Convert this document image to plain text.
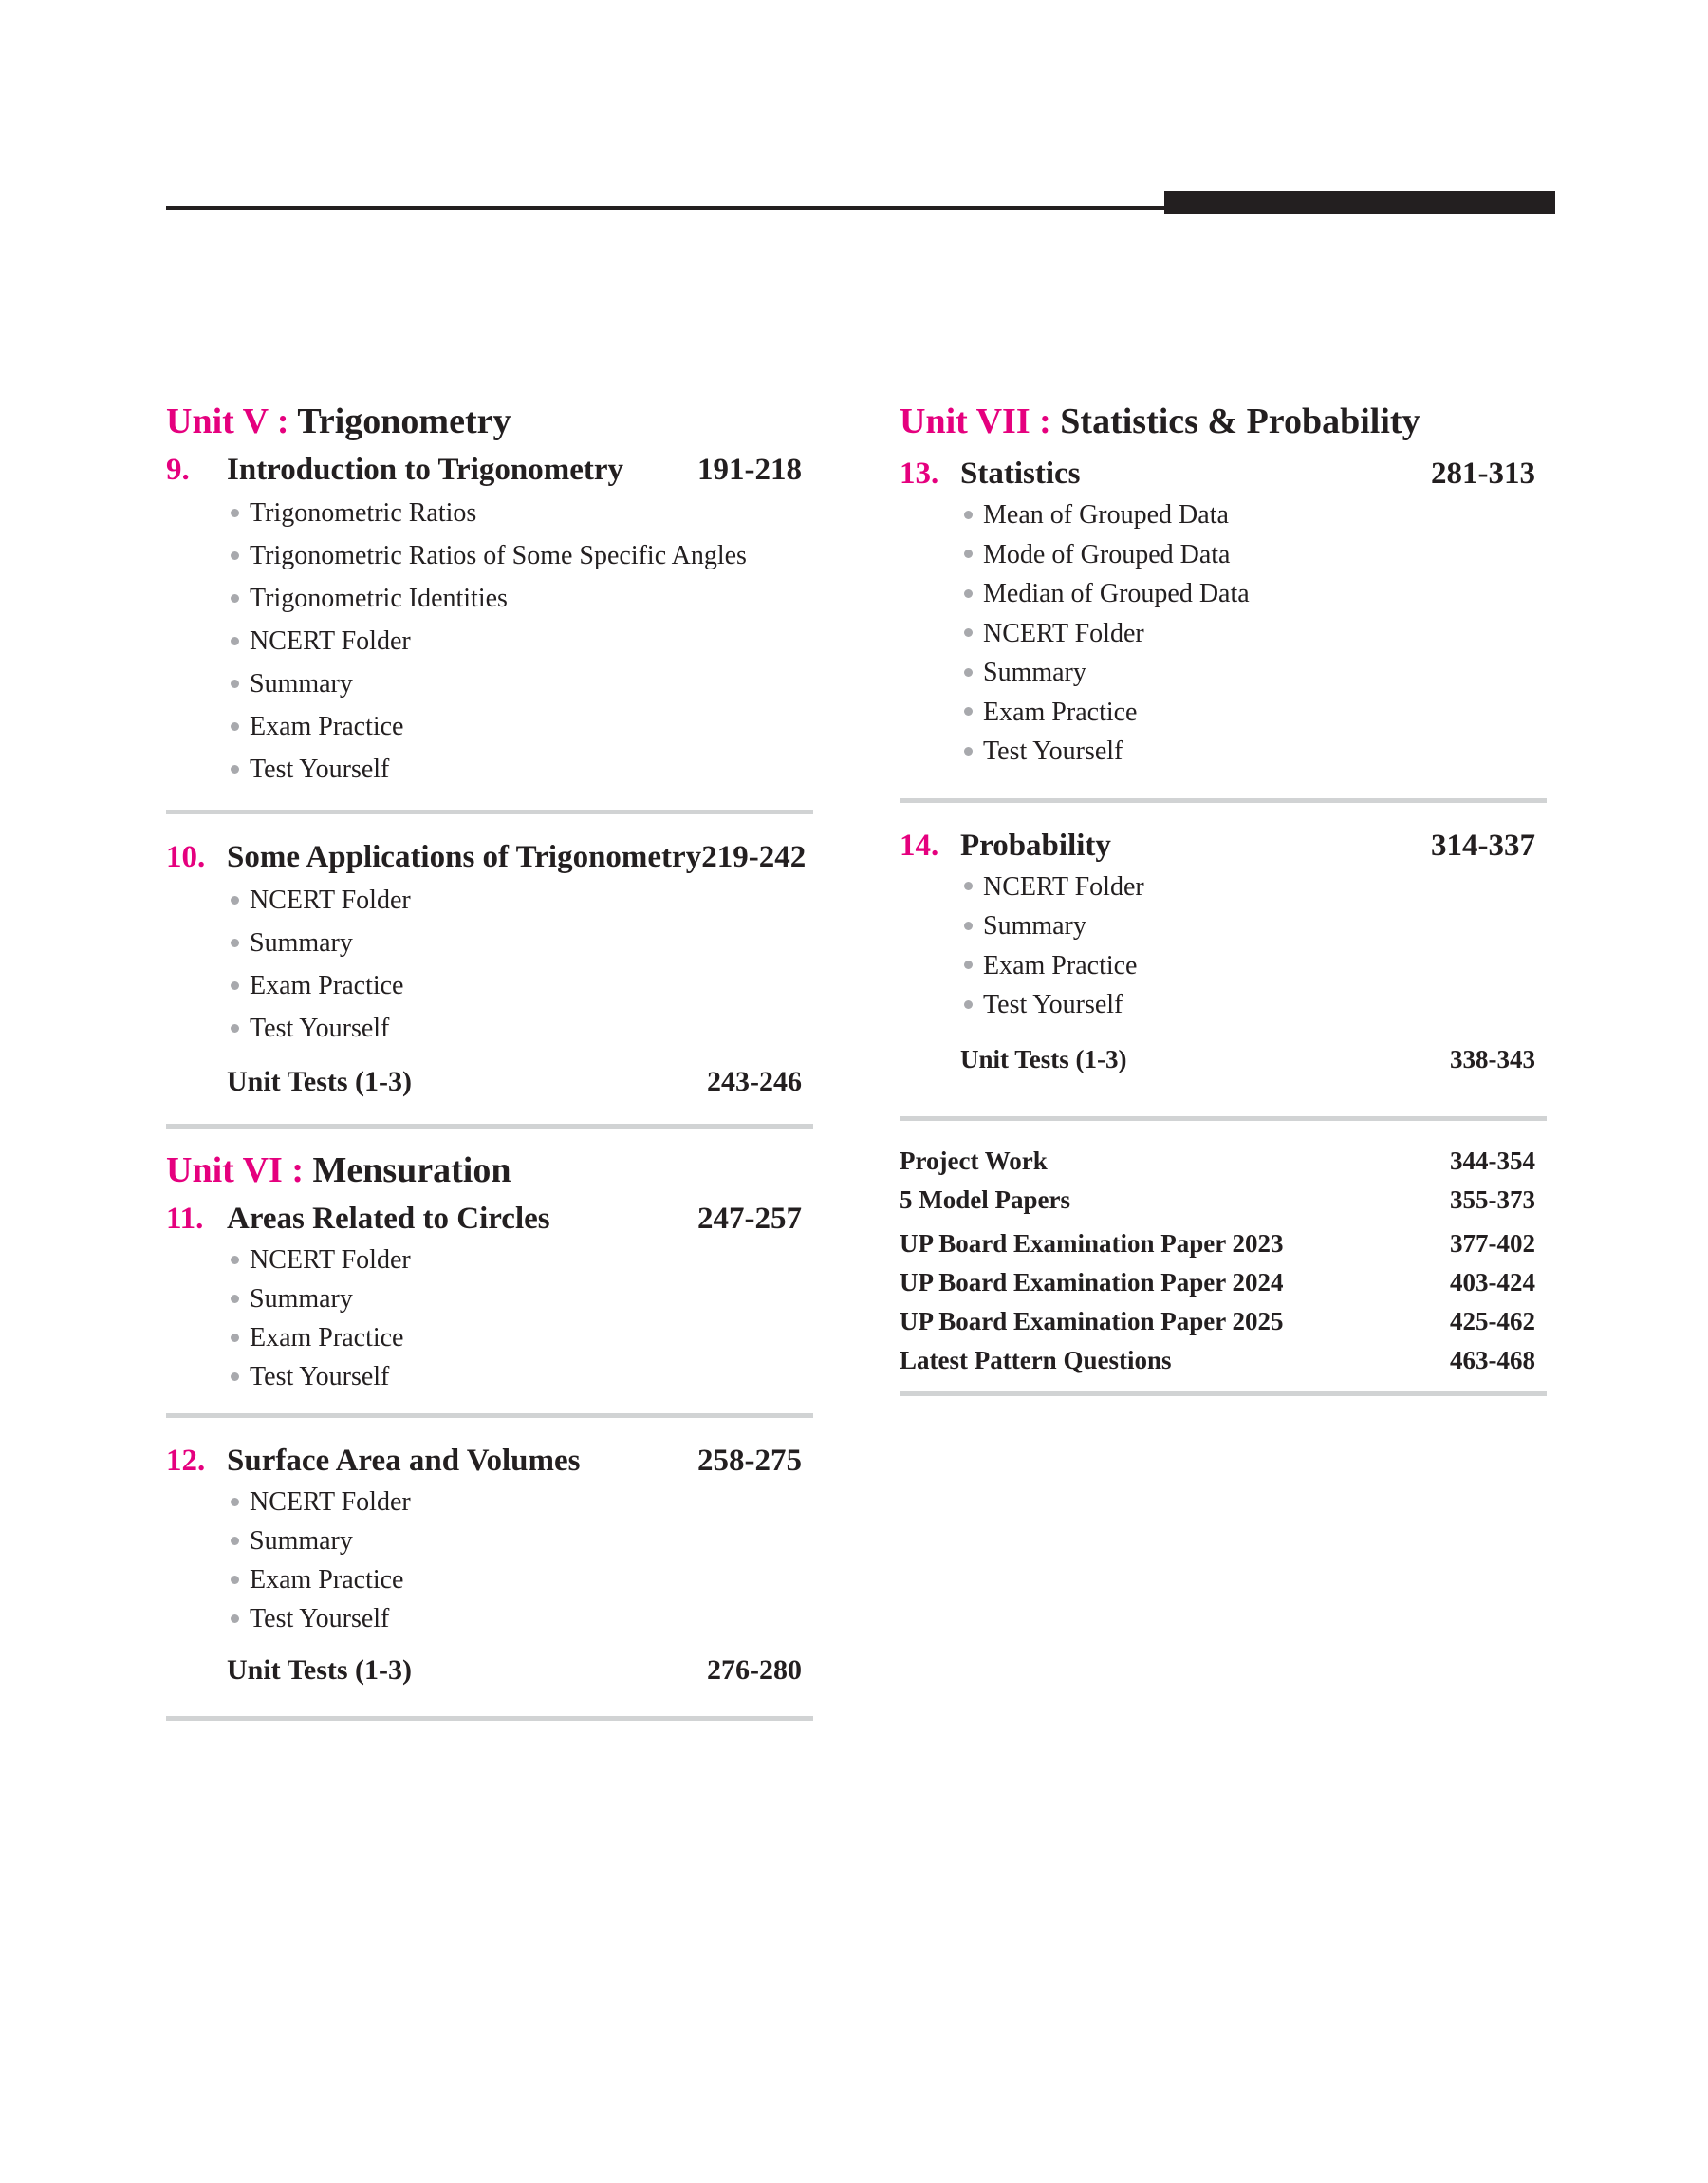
Unit V : Trigonometry
9.	Introduction to Trigonometry	191-218
Trigonometric Ratios
Trigonometric Ratios of Some Specific Angles
Trigonometric Identities
NCERT Folder
Summary
Exam Practice
Test Yourself
10. Some Applications of Trigonometry 219-242
NCERT Folder
Summary
Exam Practice
Test Yourself
Unit Tests (1-3)	243-246
Unit VI : Mensuration
11. Areas Related to Circles	247-257
NCERT Folder
Summary
Exam Practice
Test Yourself
12. Surface Area and Volumes	258-275
NCERT Folder
Summary
Exam Practice
Test Yourself
Unit Tests (1-3)	276-280
Unit VII : Statistics & Probability
13. Statistics	281-313
Mean of Grouped Data
Mode of Grouped Data
Median of Grouped Data
NCERT Folder
Summary
Exam Practice
Test Yourself
14. Probability	314-337
NCERT Folder
Summary
Exam Practice
Test Yourself
Unit Tests (1-3)	338-343
Project Work	344-354
5 Model Papers	355-373
UP Board Examination Paper 2023	377-402
UP Board Examination Paper 2024	403-424
UP Board Examination Paper 2025	425-462
Latest Pattern Questions	463-468
